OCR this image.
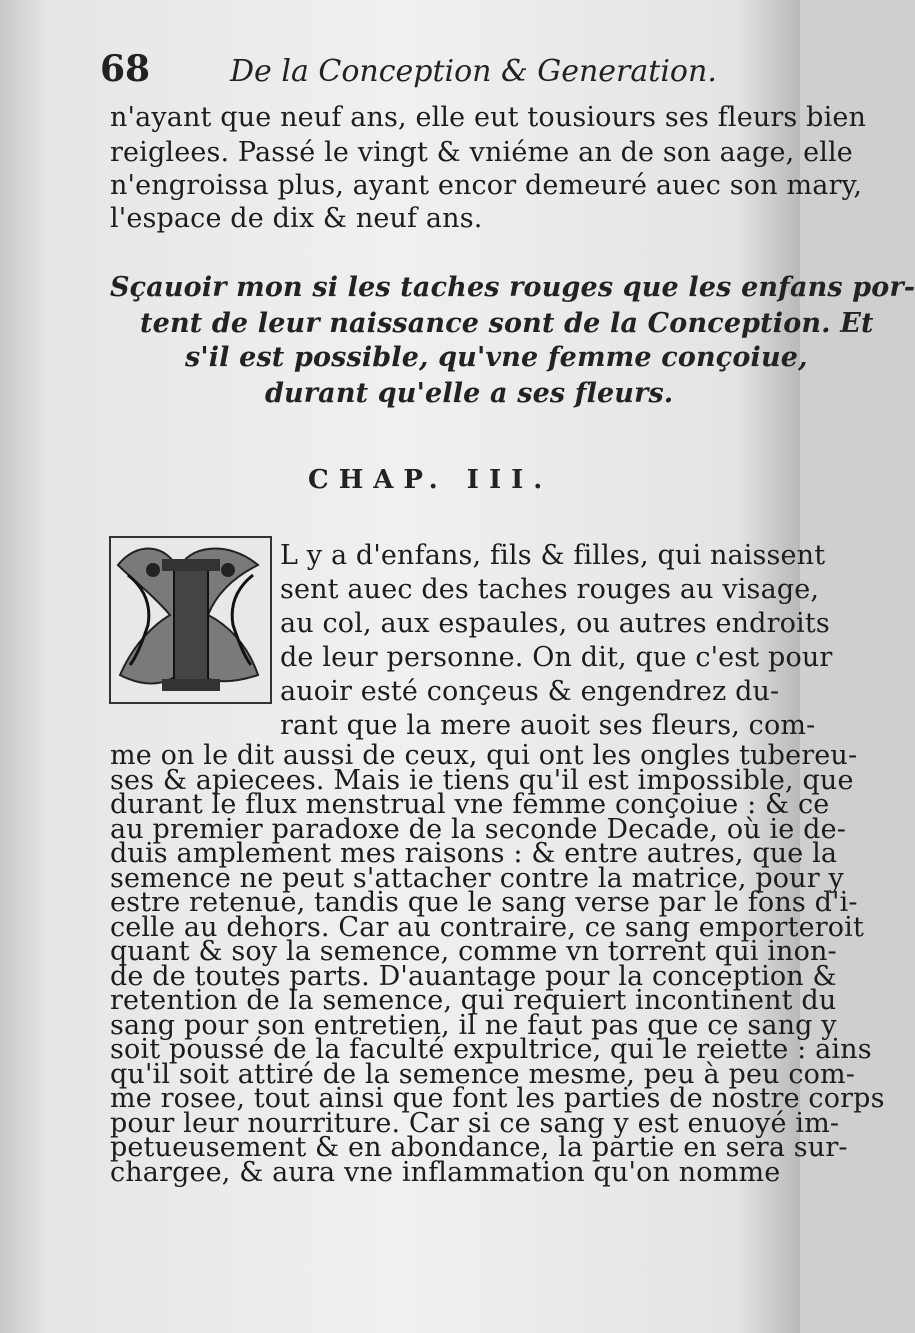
68	De la Conception & Generation.
n'ayant que neuf ans, elle eut tousiours ses fleurs bien
reiglees. Passé le vingt & vniéme an de son aage, elle
n'engroissa plus, ayant encor demeuré auec son mary,
l'espace de dix & neuf ans.
Sçauoir mon si les taches rouges que les enfans por-
tent de leur naissance sont de la Conception. Et
s'il est possible, qu'vne femme conçoiue,
durant qu'elle a ses fleurs.
CHAP. III.
L y a d'enfans, fils & filles, qui naissent
sent auec des taches rouges au visage,
au col, aux espaules, ou autres endroits
de leur personne. On dit, que c'est pour
auoir esté conçeus & engendrez du-
rant que la mere auoit ses fleurs, com-
me on le dit aussi de ceux, qui ont les ongles tubereu-
ses & apiecees. Mais ie tiens qu'il est impossible, que
durant le flux menstrual vne femme conçoiue : & ce
au premier paradoxe de la seconde Decade, où ie de-
duis amplement mes raisons : & entre autres, que la
semence ne peut s'attacher contre la matrice, pour y
estre retenue, tandis que le sang verse par le fons d'i-
celle au dehors. Car au contraire, ce sang emporteroit
quant & soy la semence, comme vn torrent qui inon-
de de toutes parts. D'auantage pour la conception &
retention de la semence, qui requiert incontinent du
sang pour son entretien, il ne faut pas que ce sang y
soit poussé de la faculté expultrice, qui le reiette : ains
qu'il soit attiré de la semence mesme, peu à peu com-
me rosee, tout ainsi que font les parties de nostre corps
pour leur nourriture. Car si ce sang y est enuoyé im-
petueusement & en abondance, la partie en sera sur-
chargee, & aura vne inflammation qu'on nomme
